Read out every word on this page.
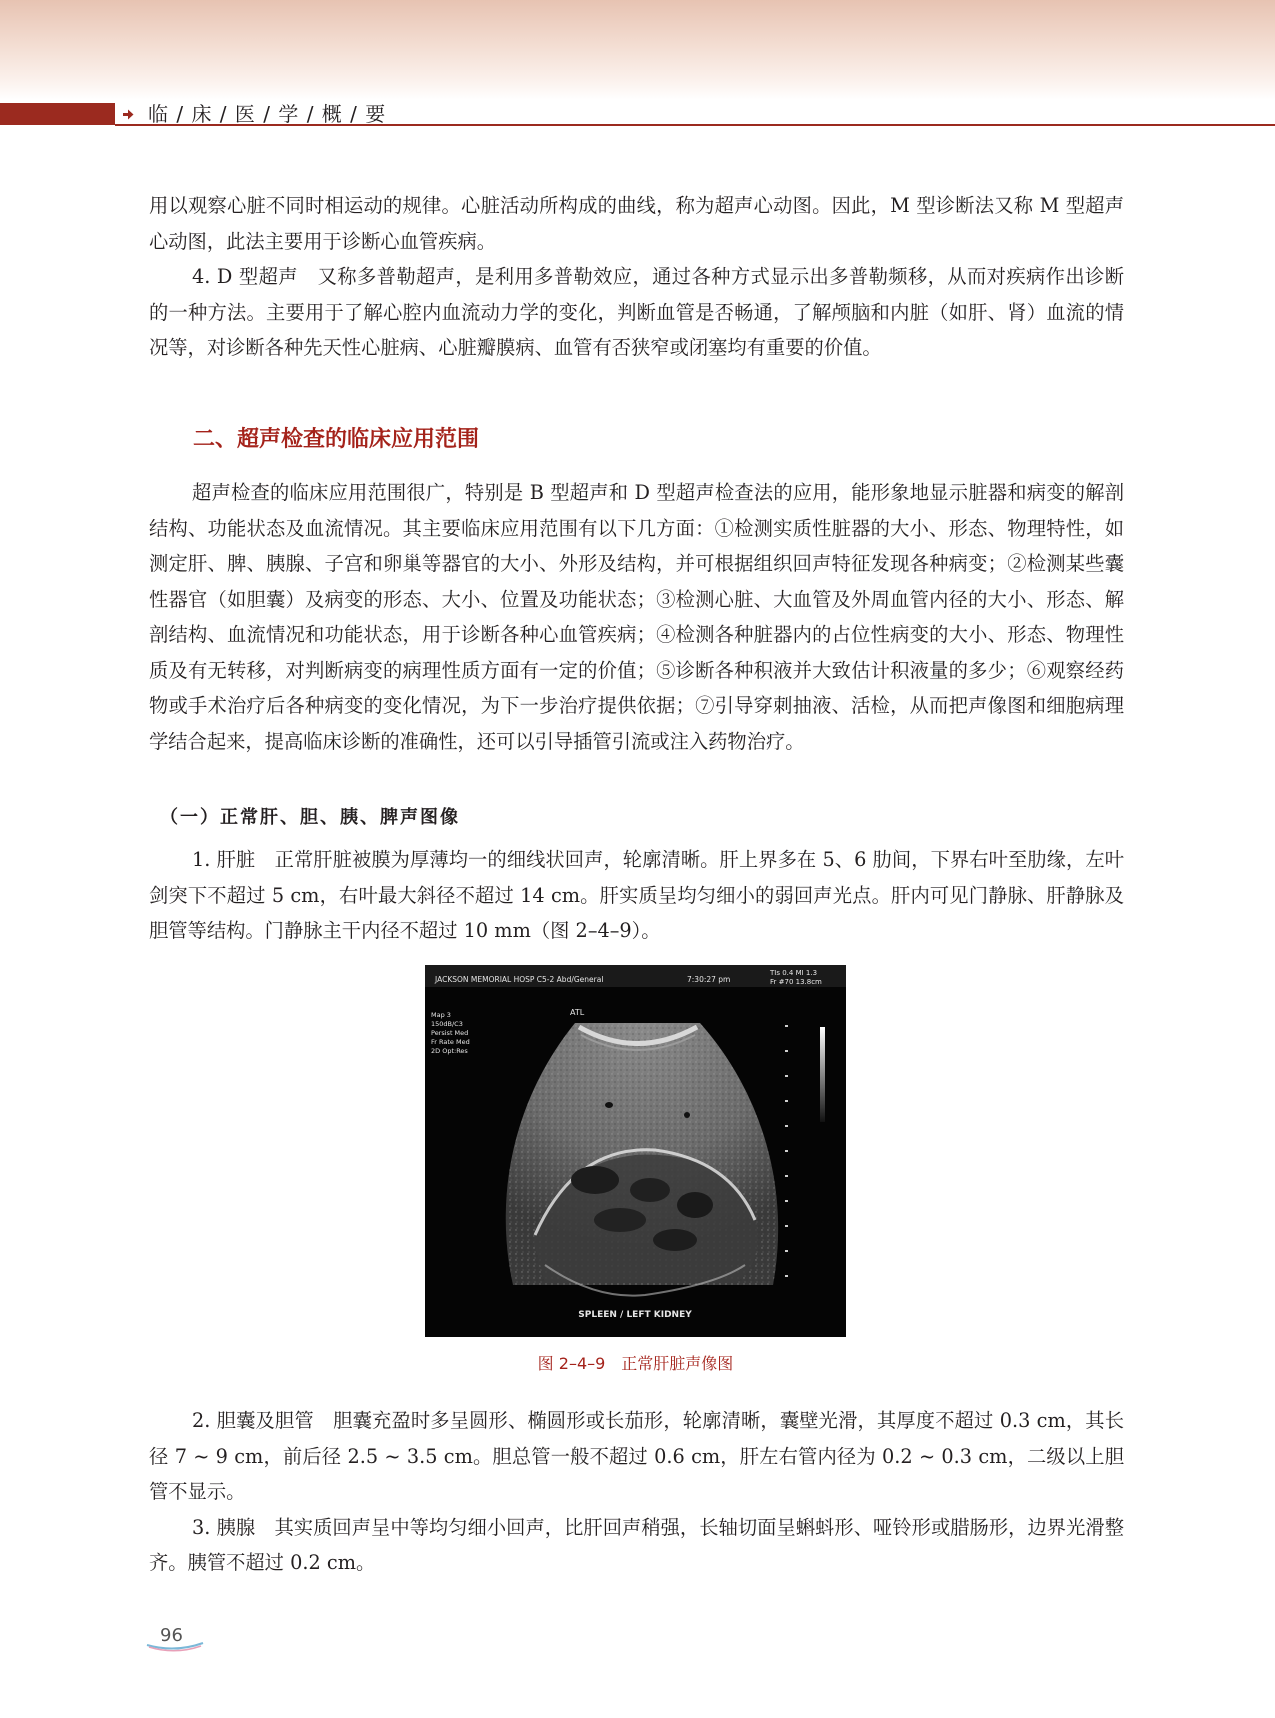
临 / 床 / 医 / 学 / 概 / 要

用以观察心脏不同时相运动的规律。心脏活动所构成的曲线，称为超声心动图。因此，M 型诊断法又称 M 型超声心动图，此法主要用于诊断心血管疾病。

4. D 型超声　又称多普勒超声，是利用多普勒效应，通过各种方式显示出多普勒频移，从而对疾病作出诊断的一种方法。主要用于了解心腔内血流动力学的变化，判断血管是否畅通，了解颅脑和内脏（如肝、肾）血流的情况等，对诊断各种先天性心脏病、心脏瓣膜病、血管有否狭窄或闭塞均有重要的价值。

二、超声检查的临床应用范围
超声检查的临床应用范围很广，特别是 B 型超声和 D 型超声检查法的应用，能形象地显示脏器和病变的解剖结构、功能状态及血流情况。其主要临床应用范围有以下几方面：①检测实质性脏器的大小、形态、物理特性，如测定肝、脾、胰腺、子宫和卵巢等器官的大小、外形及结构，并可根据组织回声特征发现各种病变；②检测某些囊性器官（如胆囊）及病变的形态、大小、位置及功能状态；③检测心脏、大血管及外周血管内径的大小、形态、解剖结构、血流情况和功能状态，用于诊断各种心血管疾病；④检测各种脏器内的占位性病变的大小、形态、物理性质及有无转移，对判断病变的病理性质方面有一定的价值；⑤诊断各种积液并大致估计积液量的多少；⑥观察经药物或手术治疗后各种病变的变化情况，为下一步治疗提供依据；⑦引导穿刺抽液、活检，从而把声像图和细胞病理学结合起来，提高临床诊断的准确性，还可以引导插管引流或注入药物治疗。
（一）正常肝、胆、胰、脾声图像
1. 肝脏　正常肝脏被膜为厚薄均一的细线状回声，轮廓清晰。肝上界多在 5、6 肋间，下界右叶至肋缘，左叶剑突下不超过 5 cm，右叶最大斜径不超过 14 cm。肝实质呈均匀细小的弱回声光点。肝内可见门静脉、肝静脉及胆管等结构。门静脉主干内径不超过 10 mm（图 2–4–9）。
JACKSON MEMORIAL HOSP C5-2 Abd/General	7:30:27 pm
TIs 0.4 MI 1.3
Fr #70 13.8cm
ATL
Map 3
150dB/C3
Persist Med
Fr Rate Med
2D Opt:Res
SPLEEN / LEFT KIDNEY
图 2–4–9　正常肝脏声像图

2. 胆囊及胆管　胆囊充盈时多呈圆形、椭圆形或长茄形，轮廓清晰，囊壁光滑，其厚度不超过 0.3 cm，其长径 7 ~ 9 cm，前后径 2.5 ~ 3.5 cm。胆总管一般不超过 0.6 cm，肝左右管内径为 0.2 ~ 0.3 cm，二级以上胆管不显示。

3. 胰腺　其实质回声呈中等均匀细小回声，比肝回声稍强，长轴切面呈蝌蚪形、哑铃形或腊肠形，边界光滑整齐。胰管不超过 0.2 cm。

96
